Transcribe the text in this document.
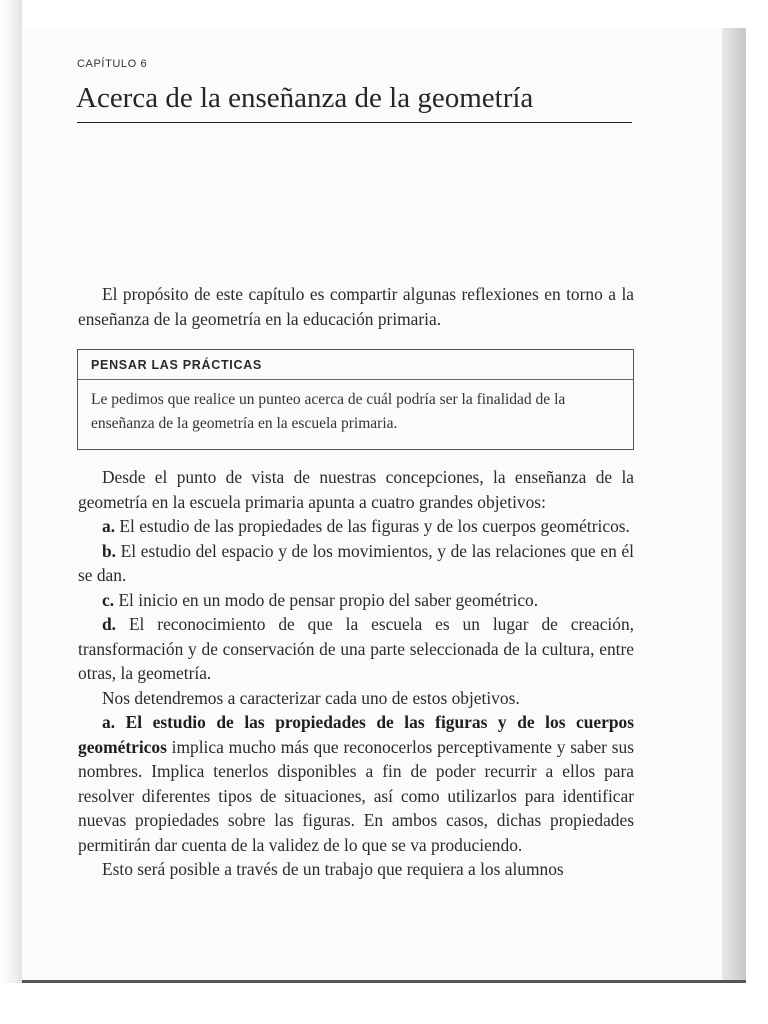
CAPÍTULO 6
Acerca de la enseñanza de la geometría

El propósito de este capítulo es compartir algunas reflexiones en torno a la enseñanza de la geometría en la educación primaria.

PENSAR LAS PRÁCTICAS

Le pedimos que realice un punteo acerca de cuál podría ser la finalidad de la enseñanza de la geometría en la escuela primaria.

Desde el punto de vista de nuestras concepciones, la enseñanza de la geometría en la escuela primaria apunta a cuatro grandes objetivos:
a. El estudio de las propiedades de las figuras y de los cuerpos geométricos.
b. El estudio del espacio y de los movimientos, y de las relaciones que en él se dan.
c. El inicio en un modo de pensar propio del saber geométrico.
d. El reconocimiento de que la escuela es un lugar de creación, transformación y de conservación de una parte seleccionada de la cultura, entre otras, la geometría.
Nos detendremos a caracterizar cada uno de estos objetivos.
a. El estudio de las propiedades de las figuras y de los cuerpos geométricos implica mucho más que reconocerlos perceptivamente y saber sus nombres. Implica tenerlos disponibles a fin de poder recurrir a ellos para resolver diferentes tipos de situaciones, así como utilizarlos para identificar nuevas propiedades sobre las figuras. En ambos casos, dichas propiedades permitirán dar cuenta de la validez de lo que se va produciendo.
Esto será posible a través de un trabajo que requiera a los alumnos
